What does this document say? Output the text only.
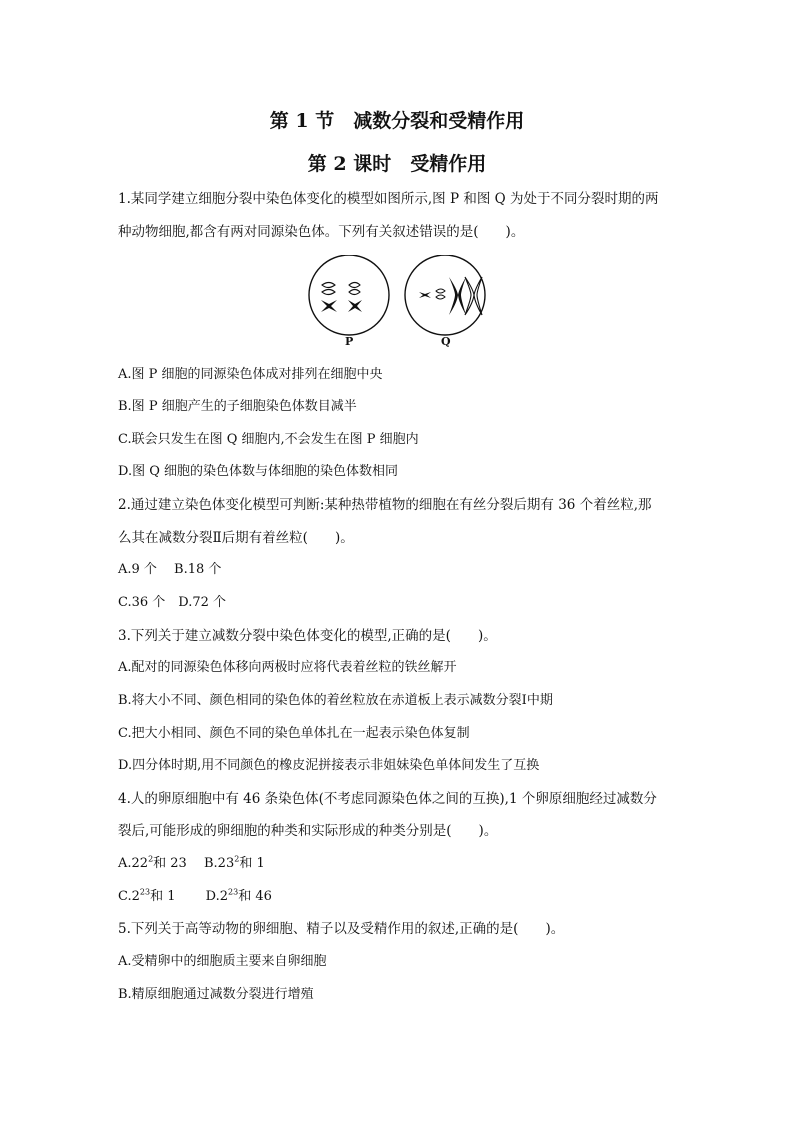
第 1 节　减数分裂和受精作用
第 2 课时　受精作用
1.某同学建立细胞分裂中染色体变化的模型如图所示,图 P 和图 Q 为处于不同分裂时期的两
种动物细胞,都含有两对同源染色体。下列有关叙述错误的是(　　)。
P	Q
A.图 P 细胞的同源染色体成对排列在细胞中央
B.图 P 细胞产生的子细胞染色体数目减半
C.联会只发生在图 Q 细胞内,不会发生在图 P 细胞内
D.图 Q 细胞的染色体数与体细胞的染色体数相同
2.通过建立染色体变化模型可判断:某种热带植物的细胞在有丝分裂后期有 36 个着丝粒,那
么其在减数分裂Ⅱ后期有着丝粒(　　)。
A.9 个　 B.18 个
C.36 个　D.72 个
3.下列关于建立减数分裂中染色体变化的模型,正确的是(　　)。
A.配对的同源染色体移向两极时应将代表着丝粒的铁丝解开
B.将大小不同、颜色相同的染色体的着丝粒放在赤道板上表示减数分裂Ⅰ中期
C.把大小相同、颜色不同的染色单体扎在一起表示染色体复制
D.四分体时期,用不同颜色的橡皮泥拼接表示非姐妹染色单体间发生了互换
4.人的卵原细胞中有 46 条染色体(不考虑同源染色体之间的互换),1 个卵原细胞经过减数分
裂后,可能形成的卵细胞的种类和实际形成的种类分别是(　　)。
$A.22^2$和 23　 $B.23^2$和 1
$C.2^{23}$和 1　　 $D.2^{23}$和 46
5.下列关于高等动物的卵细胞、精子以及受精作用的叙述,正确的是(　　)。
A.受精卵中的细胞质主要来自卵细胞
B.精原细胞通过减数分裂进行增殖
